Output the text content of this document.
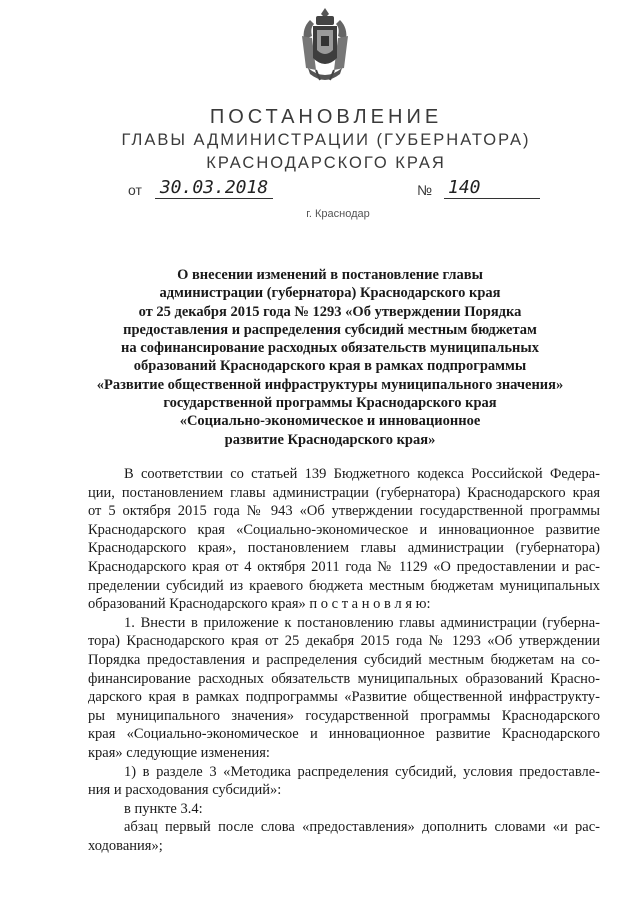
ПОСТАНОВЛЕНИЕ
ГЛАВЫ АДМИНИСТРАЦИИ (ГУБЕРНАТОРА)
КРАСНОДАРСКОГО КРАЯ
от 30.03.2018	№ 140
г. Краснодар
О внесении изменений в постановление главы
администрации (губернатора) Краснодарского края
от 25 декабря 2015 года № 1293 «Об утверждении Порядка
предоставления и распределения субсидий местным бюджетам
на софинансирование расходных обязательств муниципальных
образований Краснодарского края в рамках подпрограммы
«Развитие общественной инфраструктуры муниципального значения»
государственной программы Краснодарского края
«Социально-экономическое и инновационное
развитие Краснодарского края»
В соответствии со статьей 139 Бюджетного кодекса Российской Федера-
ции, постановлением главы администрации (губернатора) Краснодарского края
от 5 октября 2015 года № 943 «Об утверждении государственной программы
Краснодарского края «Социально-экономическое и инновационное развитие
Краснодарского края», постановлением главы администрации (губернатора)
Краснодарского края от 4 октября 2011 года № 1129 «О предоставлении и рас-
пределении субсидий из краевого бюджета местным бюджетам муниципальных
образований Краснодарского края» п о с т а н о в л я ю:
1. Внести в приложение к постановлению главы администрации (губерна-
тора) Краснодарского края от 25 декабря 2015 года № 1293 «Об утверждении
Порядка предоставления и распределения субсидий местным бюджетам на со-
финансирование расходных обязательств муниципальных образований Красно-
дарского края в рамках подпрограммы «Развитие общественной инфраструкту-
ры муниципального значения» государственной программы Краснодарского
края «Социально-экономическое и инновационное развитие Краснодарского
края» следующие изменения:
1) в разделе 3 «Методика распределения субсидий, условия предоставле-
ния и расходования субсидий»:
в пункте 3.4:
абзац первый после слова «предоставления» дополнить словами «и рас-
ходования»;
